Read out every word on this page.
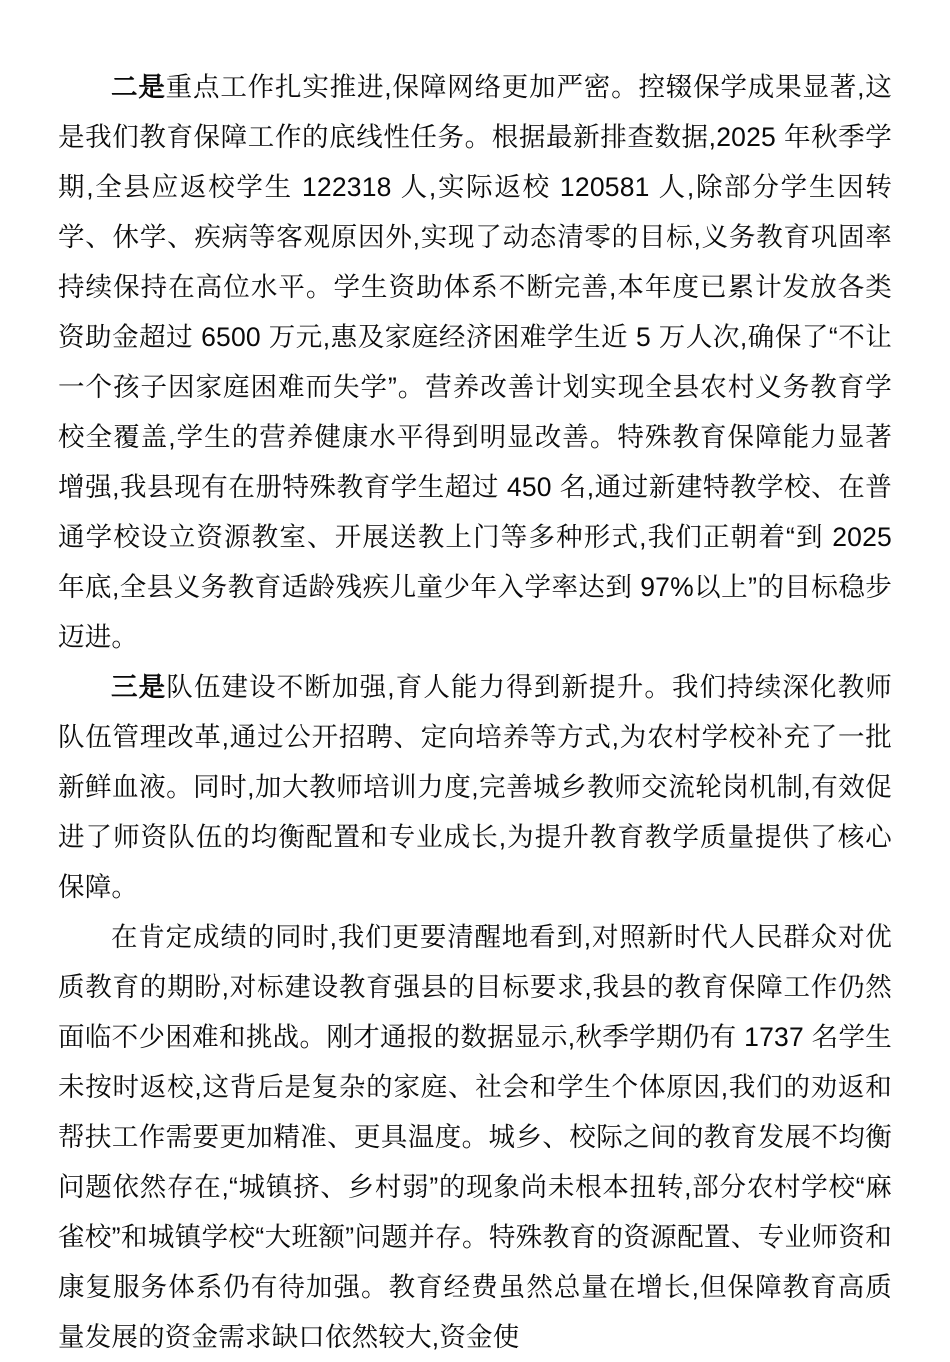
二是重点工作扎实推进,保障网络更加严密。控辍保学成果显著,这是我们教育保障工作的底线性任务。根据最新排查数据,2025 年秋季学期,全县应返校学生 122318 人,实际返校 120581 人,除部分学生因转学、休学、疾病等客观原因外,实现了动态清零的目标,义务教育巩固率持续保持在高位水平。学生资助体系不断完善,本年度已累计发放各类资助金超过 6500 万元,惠及家庭经济困难学生近 5 万人次,确保了“不让一个孩子因家庭困难而失学”。营养改善计划实现全县农村义务教育学校全覆盖,学生的营养健康水平得到明显改善。特殊教育保障能力显著增强,我县现有在册特殊教育学生超过 450 名,通过新建特教学校、在普通学校设立资源教室、开展送教上门等多种形式,我们正朝着“到 2025 年底,全县义务教育适龄残疾儿童少年入学率达到 97%以上”的目标稳步迈进。

三是队伍建设不断加强,育人能力得到新提升。我们持续深化教师队伍管理改革,通过公开招聘、定向培养等方式,为农村学校补充了一批新鲜血液。同时,加大教师培训力度,完善城乡教师交流轮岗机制,有效促进了师资队伍的均衡配置和专业成长,为提升教育教学质量提供了核心保障。

在肯定成绩的同时,我们更要清醒地看到,对照新时代人民群众对优质教育的期盼,对标建设教育强县的目标要求,我县的教育保障工作仍然面临不少困难和挑战。刚才通报的数据显示,秋季学期仍有 1737 名学生未按时返校,这背后是复杂的家庭、社会和学生个体原因,我们的劝返和帮扶工作需要更加精准、更具温度。城乡、校际之间的教育发展不均衡问题依然存在,“城镇挤、乡村弱”的现象尚未根本扭转,部分农村学校“麻雀校”和城镇学校“大班额”问题并存。特殊教育的资源配置、专业师资和康复服务体系仍有待加强。教育经费虽然总量在增长,但保障教育高质量发展的资金需求缺口依然较大,资金使
